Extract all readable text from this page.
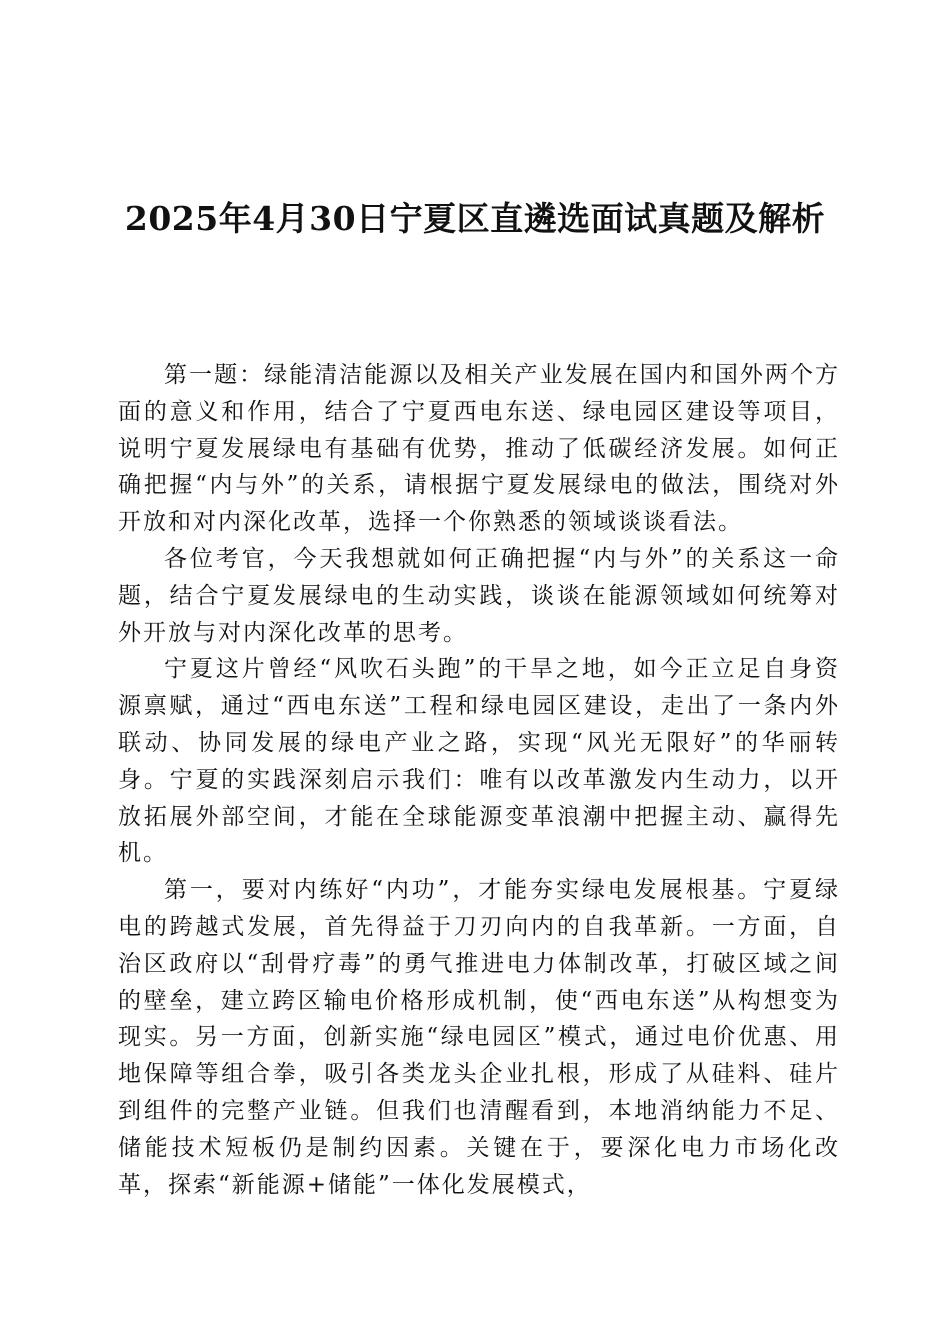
2025年4月30日宁夏区直遴选面试真题及解析

第一题：绿能清洁能源以及相关产业发展在国内和国外两个方面的意义和作用，结合了宁夏西电东送、绿电园区建设等项目，说明宁夏发展绿电有基础有优势，推动了低碳经济发展。如何正确把握“内与外”的关系，请根据宁夏发展绿电的做法，围绕对外开放和对内深化改革，选择一个你熟悉的领域谈谈看法。

各位考官，今天我想就如何正确把握“内与外”的关系这一命题，结合宁夏发展绿电的生动实践，谈谈在能源领域如何统筹对外开放与对内深化改革的思考。

宁夏这片曾经“风吹石头跑”的干旱之地，如今正立足自身资源禀赋，通过“西电东送”工程和绿电园区建设，走出了一条内外联动、协同发展的绿电产业之路，实现“风光无限好”的华丽转身。宁夏的实践深刻启示我们：唯有以改革激发内生动力，以开放拓展外部空间，才能在全球能源变革浪潮中把握主动、赢得先机。

第一，要对内练好“内功”，才能夯实绿电发展根基。宁夏绿电的跨越式发展，首先得益于刀刃向内的自我革新。一方面，自治区政府以“刮骨疗毒”的勇气推进电力体制改革，打破区域之间的壁垒，建立跨区输电价格形成机制，使“西电东送”从构想变为现实。另一方面，创新实施“绿电园区”模式，通过电价优惠、用地保障等组合拳，吸引各类龙头企业扎根，形成了从硅料、硅片到组件的完整产业链。但我们也清醒看到，本地消纳能力不足、储能技术短板仍是制约因素。关键在于，要深化电力市场化改革，探索“新能源+储能”一体化发展模式，
